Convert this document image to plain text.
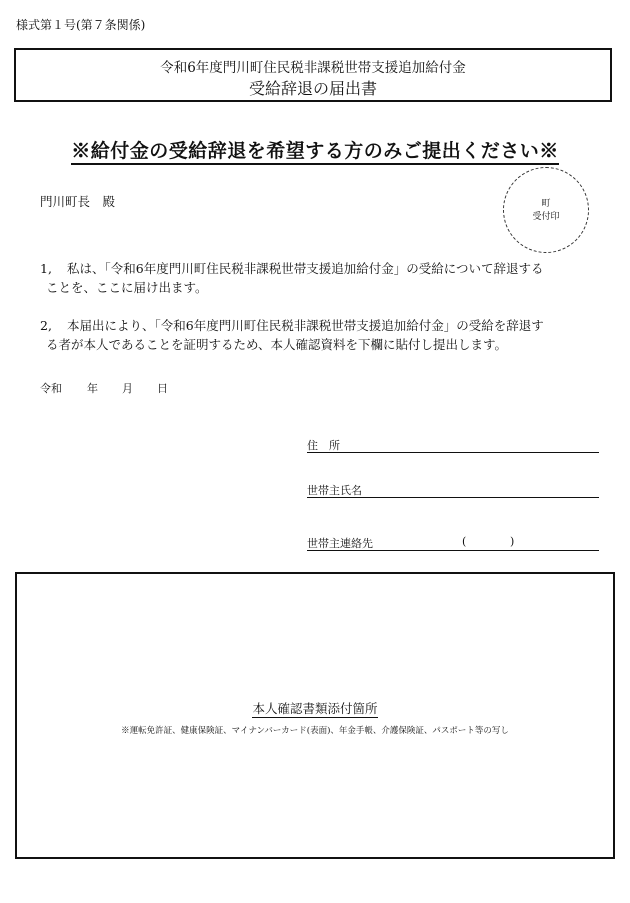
様式第１号(第７条関係)
令和6年度門川町住民税非課税世帯支援追加給付金
受給辞退の届出書
※給付金の受給辞退を希望する方のみご提出ください※
門川町長　殿	町
受付印
1, 私は、「令和6年度門川町住民税非課税世帯支援追加給付金」の受給について辞退する
ことを、ここに届け出ます。
2, 本届出により、「令和6年度門川町住民税非課税世帯支援追加給付金」の受給を辞退す
る者が本人であることを証明するため、本人確認資料を下欄に貼付し提出します。
令和 年 月 日
住　所
世帯主氏名
世帯主連絡先	(	)
本人確認書類添付箇所
※運転免許証、健康保険証、マイナンバーカード(表面)、年金手帳、介護保険証、パスポート等の写し
